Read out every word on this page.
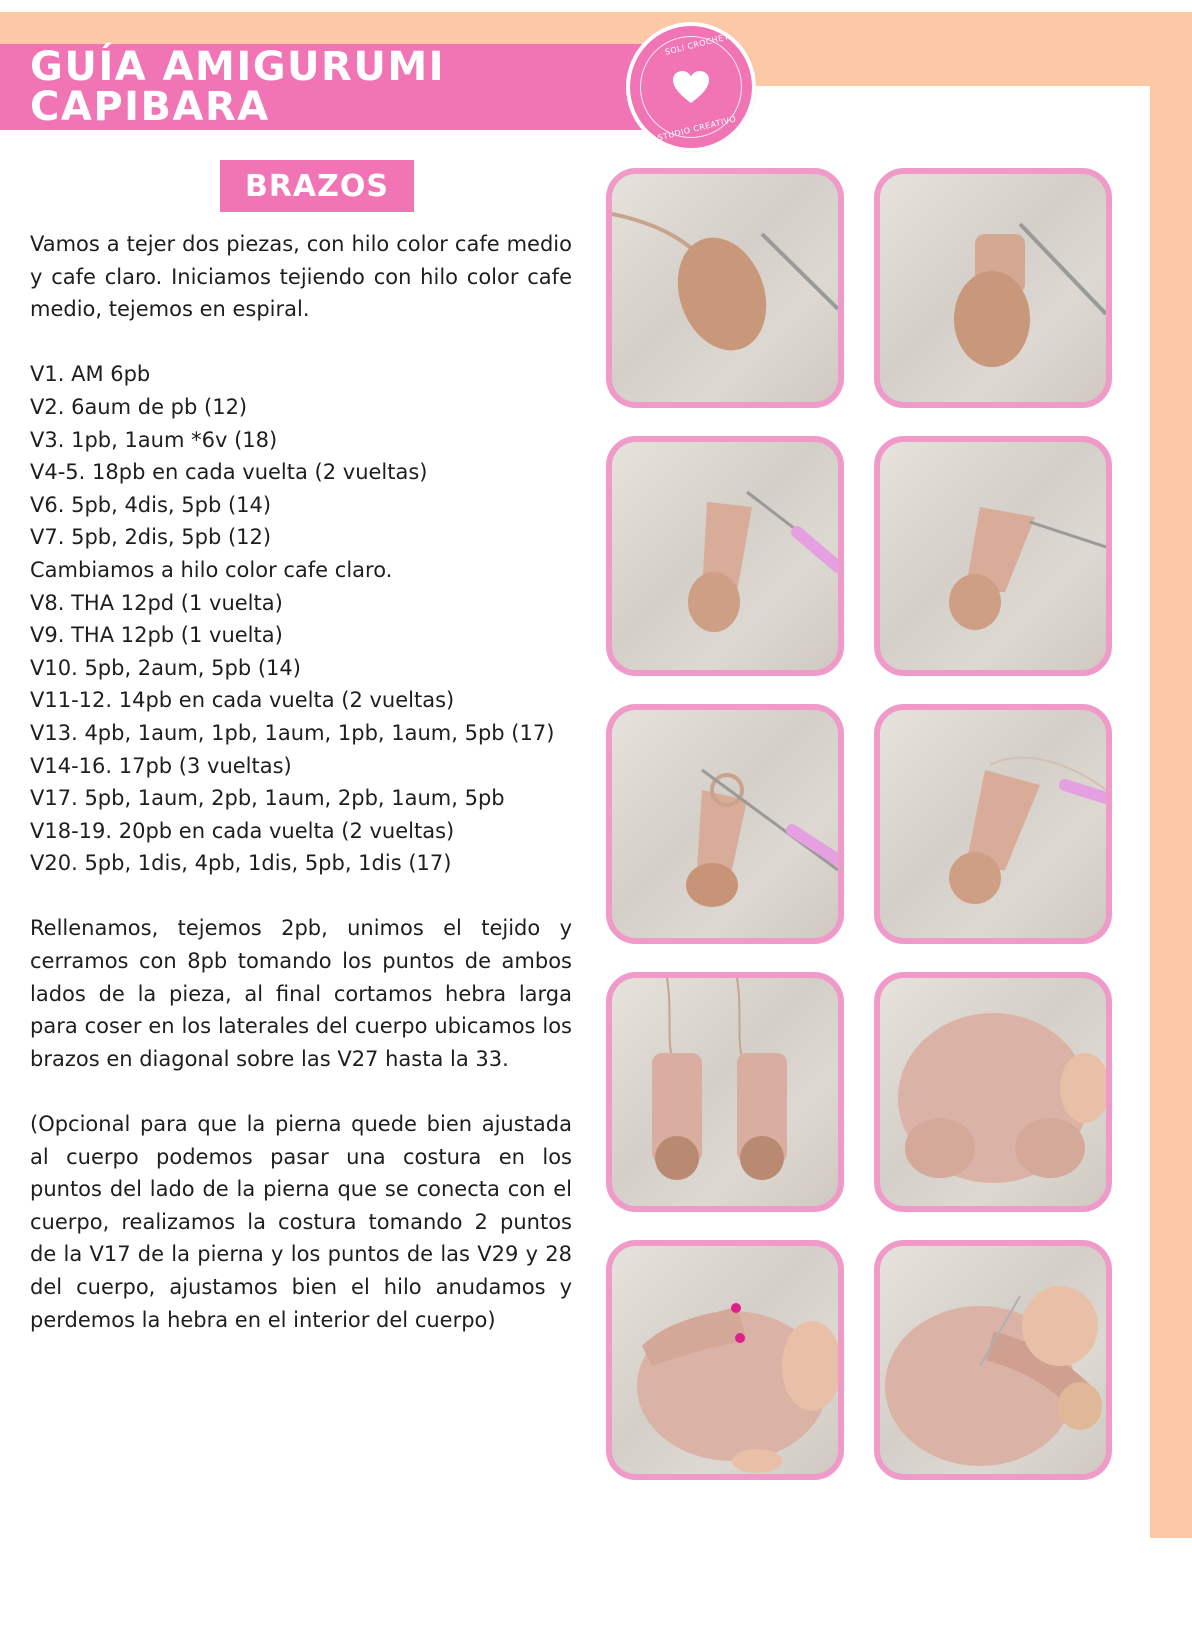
GUÍA AMIGURUMI CAPIBARA
SOLI CROCHET
STUDIO CREATIVO
BRAZOS

Vamos a tejer dos piezas, con hilo color cafe medio y cafe claro. Iniciamos tejiendo con hilo color cafe medio, tejemos en espiral.

V1. AM 6pb

V2. 6aum de pb (12)

V3. 1pb, 1aum *6v (18)

V4-5. 18pb en cada vuelta (2 vueltas)

V6. 5pb, 4dis, 5pb (14)

V7. 5pb, 2dis, 5pb (12)

Cambiamos a hilo color cafe claro.

V8. THA 12pd (1 vuelta)

V9. THA 12pb (1 vuelta)

V10. 5pb, 2aum, 5pb (14)

V11-12. 14pb en cada vuelta (2 vueltas)

V13. 4pb, 1aum, 1pb, 1aum, 1pb, 1aum, 5pb (17)

V14-16. 17pb (3 vueltas)

V17. 5pb, 1aum, 2pb, 1aum, 2pb, 1aum, 5pb

V18-19. 20pb en cada vuelta (2 vueltas)

V20. 5pb, 1dis, 4pb, 1dis, 5pb, 1dis (17)

Rellenamos, tejemos 2pb, unimos el tejido y cerramos con 8pb tomando los puntos de ambos lados de la pieza, al final cortamos hebra larga para coser en los laterales del cuerpo ubicamos los brazos en diagonal sobre las V27 hasta la 33.

(Opcional para que la pierna quede bien ajustada al cuerpo podemos pasar una costura en los puntos del lado de la pierna que se conecta con el cuerpo, realizamos la costura tomando 2 puntos de la V17 de la pierna y los puntos de las V29 y 28 del cuerpo, ajustamos bien el hilo anudamos y perdemos la hebra en el interior del cuerpo)
